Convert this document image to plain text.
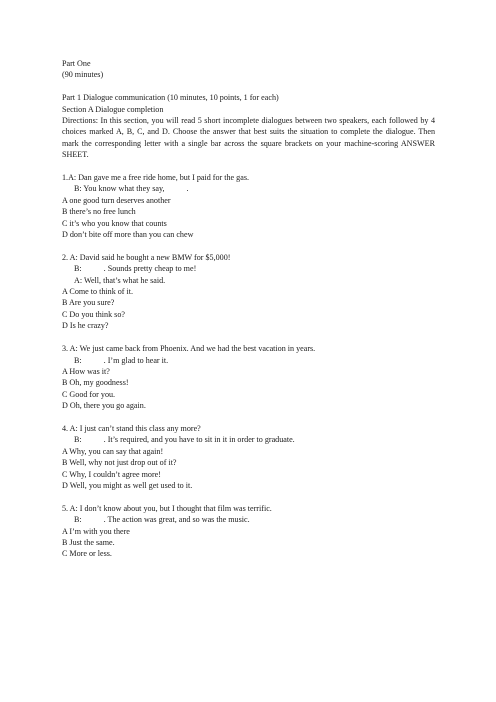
Part One
(90 minutes)
Part 1 Dialogue communication (10 minutes, 10 points, 1 for each)
Section A Dialogue completion
Directions: In this section, you will read 5 short incomplete dialogues between two speakers, each followed by 4 choices marked A, B, C, and D. Choose the answer that best suits the situation to complete the dialogue. Then mark the corresponding letter with a single bar across the square brackets on your machine-scoring ANSWER SHEET.
1.A: Dan gave me a free ride home, but I paid for the gas.
B: You know what they say,	.
A one good turn deserves another
B there’s no free lunch
C it’s who you know that counts
D don’t bite off more than you can chew
2. A: David said he bought a new BMW for $5,000!
B:	. Sounds pretty cheap to me!
A: Well, that’s what he said.
A Come to think of it.
B Are you sure?
C Do you think so?
D Is he crazy?
3. A: We just came back from Phoenix. And we had the best vacation in years.
B:	. I’m glad to hear it.
A How was it?
B Oh, my goodness!
C Good for you.
D Oh, there you go again.
4. A: I just can’t stand this class any more?
B:	. It’s required, and you have to sit in it in order to graduate.
A Why, you can say that again!
B Well, why not just drop out of it?
C Why, I couldn’t agree more!
D Well, you might as well get used to it.
5. A: I don’t know about you, but I thought that film was terrific.
B:	. The action was great, and so was the music.
A I’m with you there
B Just the same.
C More or less.
